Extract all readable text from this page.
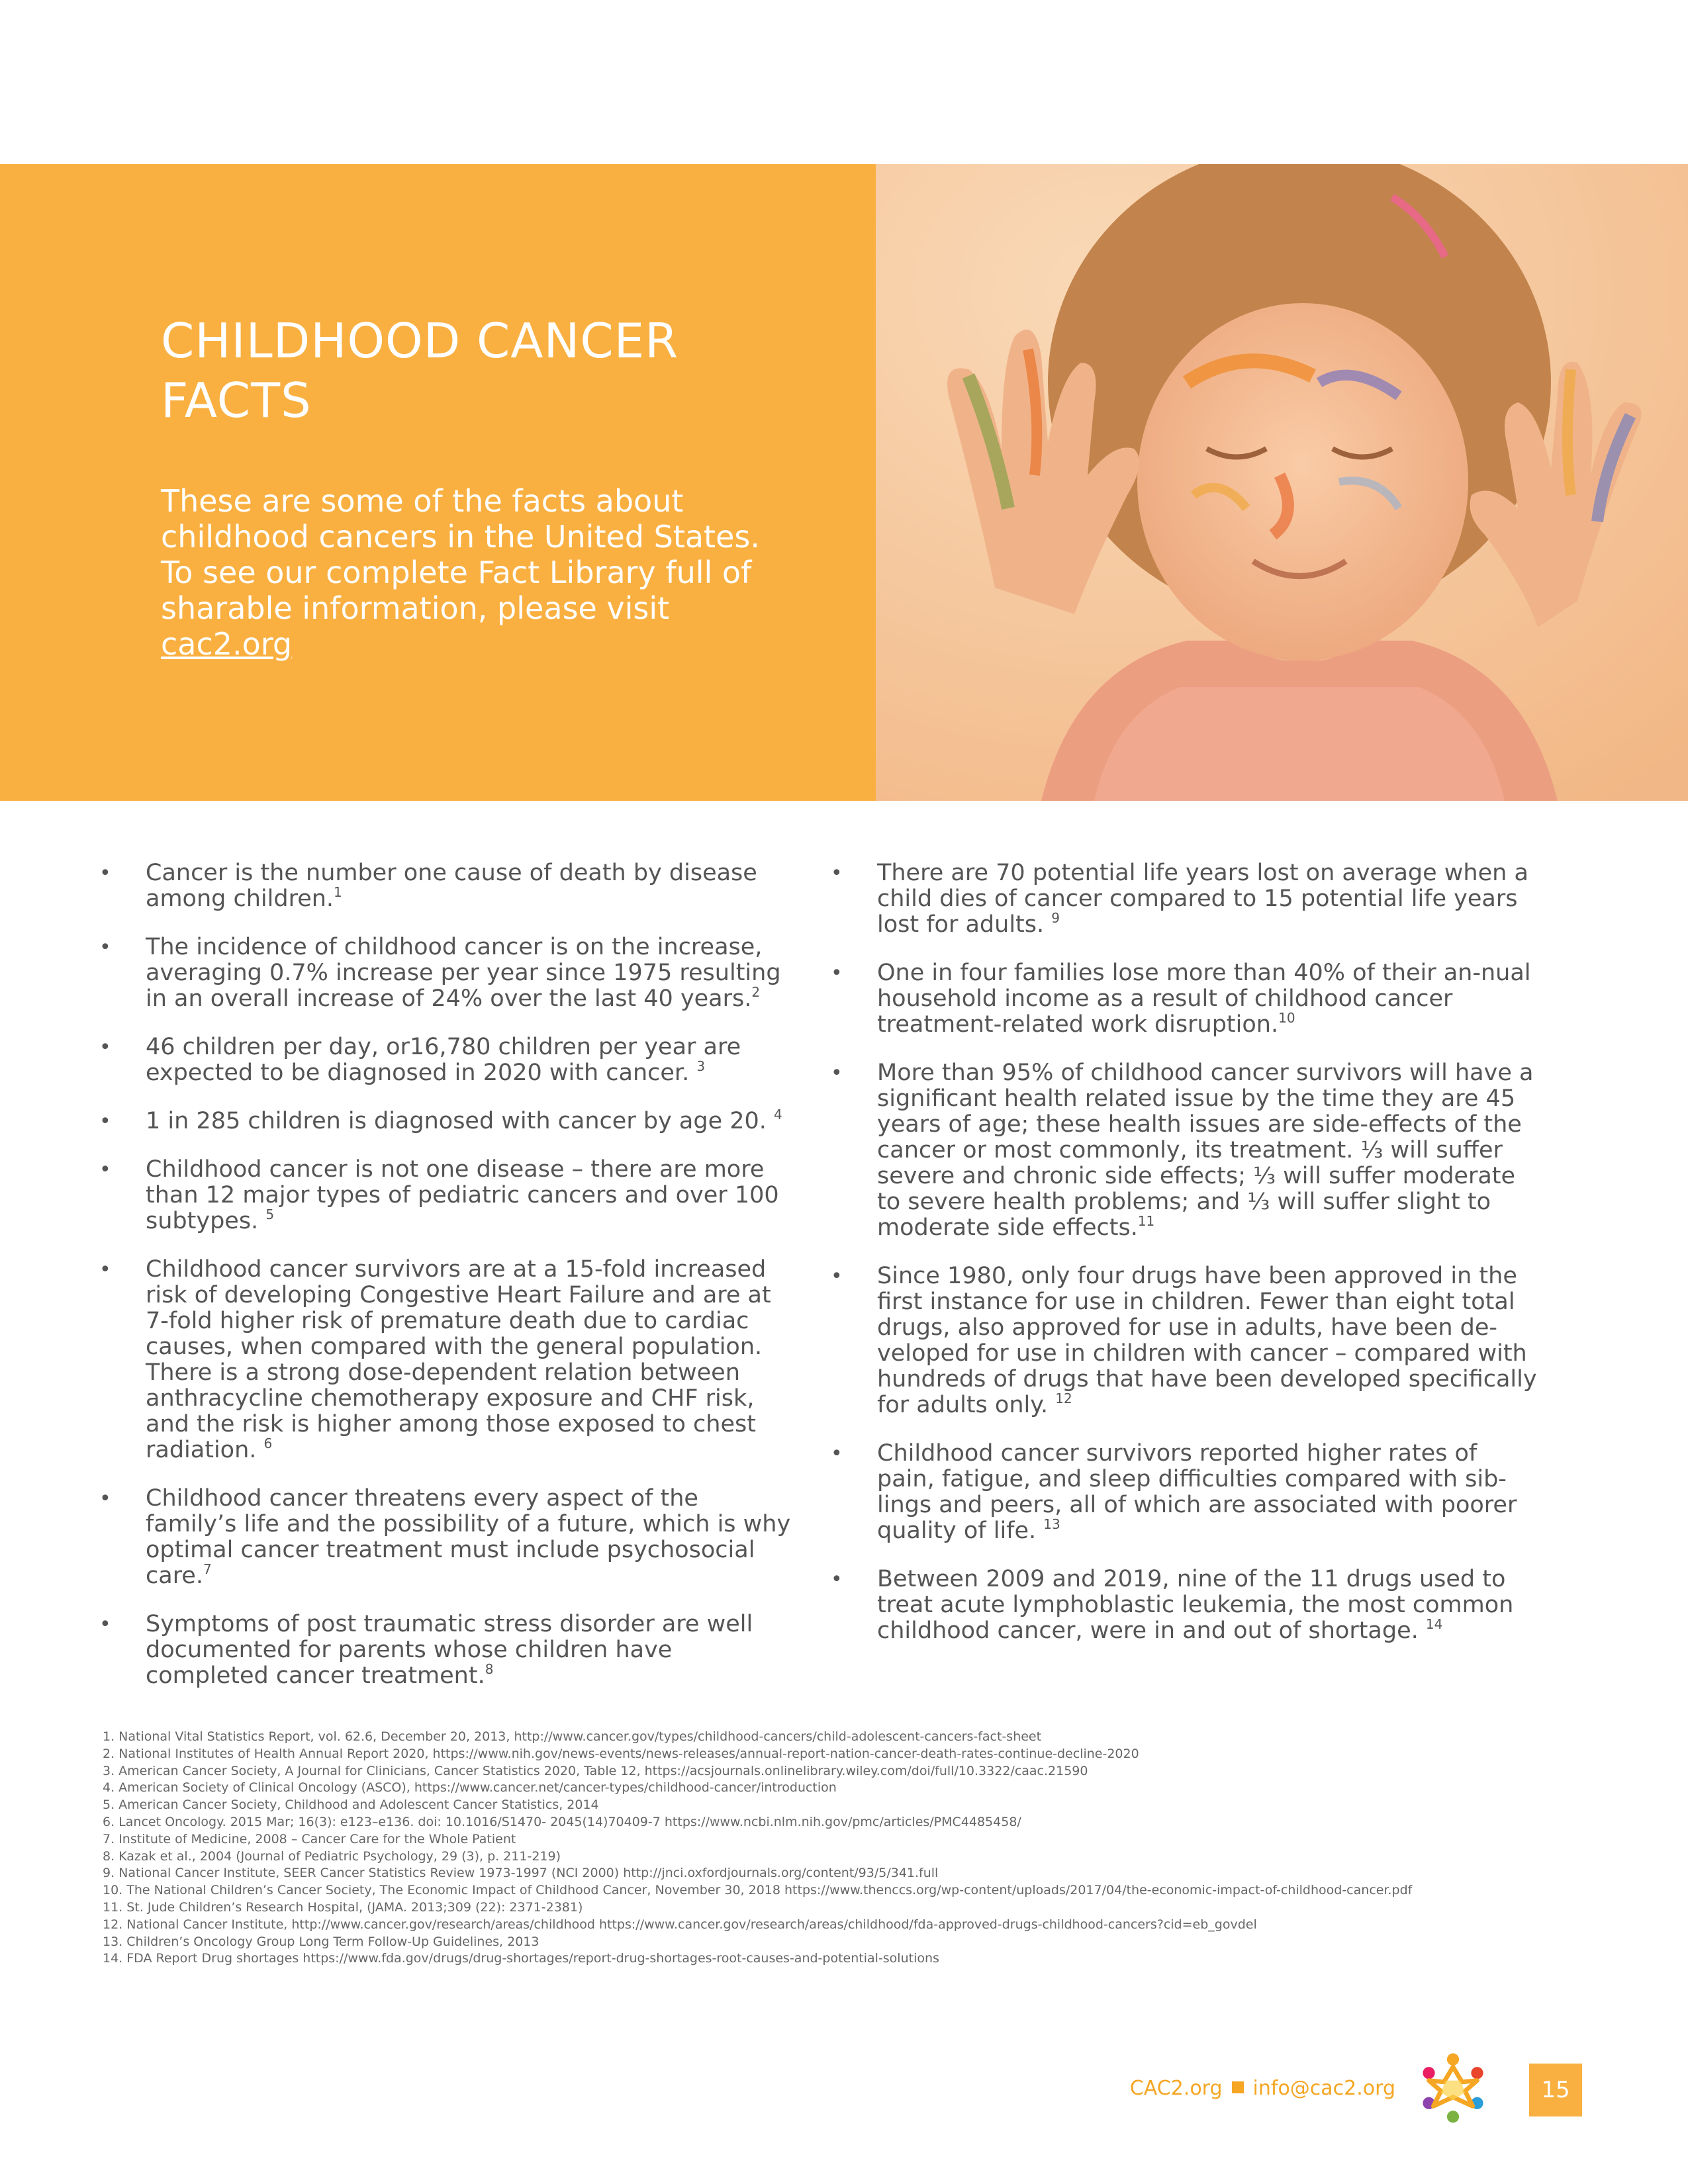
CHILDHOOD CANCER
FACTS

These are some of the facts about
childhood cancers in the United States.
To see our complete Fact Library full of
sharable information, please visit
cac2.org

• Cancer is the number one cause of death by disease among children.$^1$
• The incidence of childhood cancer is on the increase, averaging 0.7% increase per year since 1975 resulting in an overall increase of 24% over the last 40 years.$^2$
• 46 children per day, or16,780 children per year are expected to be diagnosed in 2020 with cancer. $^3$
• 1 in 285 children is diagnosed with cancer by age 20. $^4$
• Childhood cancer is not one disease – there are more than 12 major types of pediatric cancers and over 100 subtypes. $^5$
• Childhood cancer survivors are at a 15-fold increased risk of developing Congestive Heart Failure and are at 7-fold higher risk of premature death due to cardiac causes, when compared with the general population. There is a strong dose-dependent relation between anthracycline chemotherapy exposure and CHF risk, and the risk is higher among those exposed to chest radiation. $^6$
• Childhood cancer threatens every aspect of the family’s life and the possibility of a future, which is why optimal cancer treatment must include psychosocial care.$^7$
• Symptoms of post traumatic stress disorder are well documented for parents whose children have completed cancer treatment.$^8$
• There are 70 potential life years lost on average when a child dies of cancer compared to 15 potential life years lost for adults. $^9$
• One in four families lose more than 40% of their an-nual household income as a result of childhood cancer treatment-related work disruption.$^{10}$
• More than 95% of childhood cancer survivors will have a significant health related issue by the time they are 45 years of age; these health issues are side-effects of the cancer or most commonly, its treatment. ⅓ will suffer severe and chronic side effects; ⅓ will suffer moderate to severe health problems; and ⅓ will suffer slight to moderate side effects.$^{11}$
• Since 1980, only four drugs have been approved in the first instance for use in children. Fewer than eight total drugs, also approved for use in adults, have been de-veloped for use in children with cancer – compared with hundreds of drugs that have been developed specifically for adults only. $^{12}$
• Childhood cancer survivors reported higher rates of pain, fatigue, and sleep difficulties compared with sib-lings and peers, all of which are associated with poorer quality of life. $^{13}$
• Between 2009 and 2019, nine of the 11 drugs used to treat acute lymphoblastic leukemia, the most common childhood cancer, were in and out of shortage. $^{14}$
1. National Vital Statistics Report, vol. 62.6, December 20, 2013, http://www.cancer.gov/types/childhood-cancers/child-adolescent-cancers-fact-sheet
2. National Institutes of Health Annual Report 2020, https://www.nih.gov/news-events/news-releases/annual-report-nation-cancer-death-rates-continue-decline-2020
3. American Cancer Society, A Journal for Clinicians, Cancer Statistics 2020, Table 12, https://acsjournals.onlinelibrary.wiley.com/doi/full/10.3322/caac.21590
4. American Society of Clinical Oncology (ASCO), https://www.cancer.net/cancer-types/childhood-cancer/introduction
5. American Cancer Society, Childhood and Adolescent Cancer Statistics, 2014
6. Lancet Oncology. 2015 Mar; 16(3): e123–e136. doi: 10.1016/S1470- 2045(14)70409-7 https://www.ncbi.nlm.nih.gov/pmc/articles/PMC4485458/
7. Institute of Medicine, 2008 – Cancer Care for the Whole Patient
8. Kazak et al., 2004 (Journal of Pediatric Psychology, 29 (3), p. 211-219)
9. National Cancer Institute, SEER Cancer Statistics Review 1973-1997 (NCI 2000) http://jnci.oxfordjournals.org/content/93/5/341.full
10. The National Children’s Cancer Society, The Economic Impact of Childhood Cancer, November 30, 2018 https://www.thenccs.org/wp-content/uploads/2017/04/the-economic-impact-of-childhood-cancer.pdf
11. St. Jude Children’s Research Hospital, (JAMA. 2013;309 (22): 2371-2381)
12. National Cancer Institute, http://www.cancer.gov/research/areas/childhood https://www.cancer.gov/research/areas/childhood/fda-approved-drugs-childhood-cancers?cid=eb_govdel
13. Children’s Oncology Group Long Term Follow-Up Guidelines, 2013
14. FDA Report Drug shortages https://www.fda.gov/drugs/drug-shortages/report-drug-shortages-root-causes-and-potential-solutions
CAC2.org info@cac2.org	15
